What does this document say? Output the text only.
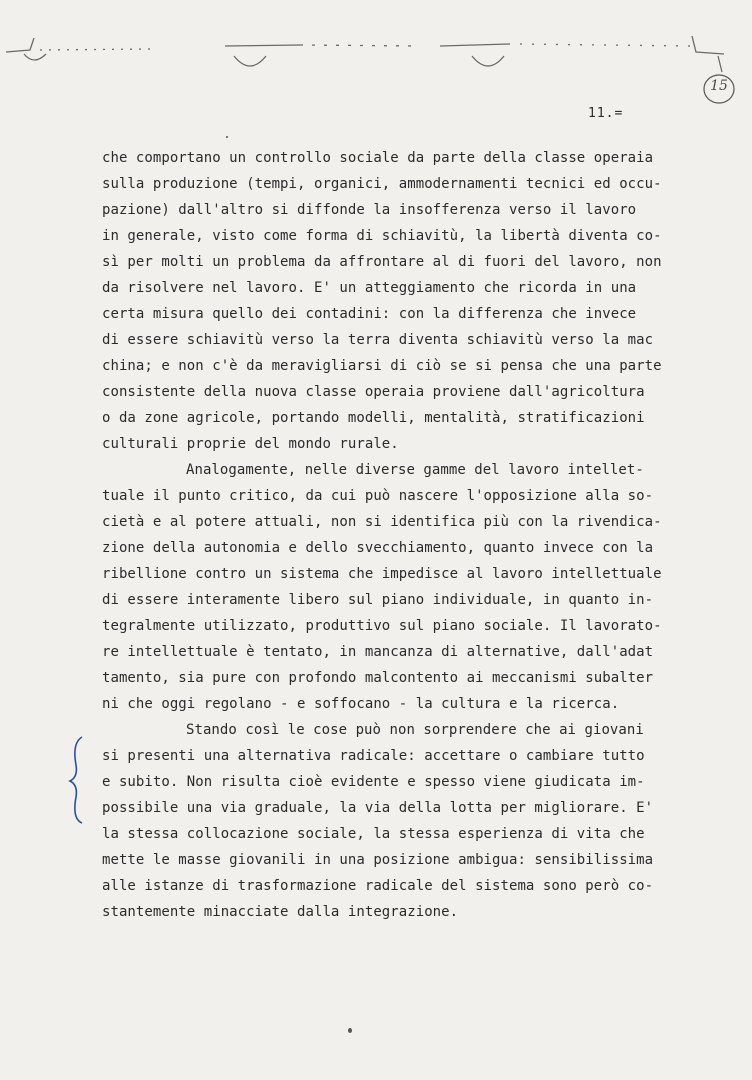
11.=
15
che comportano un controllo sociale da parte della classe operaia
sulla produzione (tempi, organici, ammodernamenti tecnici ed occu-
pazione) dall'altro si diffonde la insofferenza verso il lavoro
in generale, visto come forma di schiavitù, la libertà diventa co-
sì per molti un problema da affrontare al di fuori del lavoro, non
da risolvere nel lavoro. E' un atteggiamento che ricorda in una
certa misura quello dei contadini: con la differenza che invece
di essere schiavitù verso la terra diventa schiavitù verso la mac
china; e non c'è da meravigliarsi di ciò se si pensa che una parte
consistente della nuova classe operaia proviene dall'agricoltura
o da zone agricole, portando modelli, mentalità, stratificazioni
culturali proprie del mondo rurale.
Analogamente, nelle diverse gamme del lavoro intellet-
tuale il punto critico, da cui può nascere l'opposizione alla so-
cietà e al potere attuali, non si identifica più con la rivendica-
zione della autonomia e dello svecchiamento, quanto invece con la
ribellione contro un sistema che impedisce al lavoro intellettuale
di essere interamente libero sul piano individuale, in quanto in-
tegralmente utilizzato, produttivo sul piano sociale. Il lavorato-
re intellettuale è tentato, in mancanza di alternative, dall'adat
tamento, sia pure con profondo malcontento ai meccanismi subalter
ni che oggi regolano - e soffocano - la cultura e la ricerca.
Stando così le cose può non sorprendere che ai giovani
si presenti una alternativa radicale: accettare o cambiare tutto
e subito. Non risulta cioè evidente e spesso viene giudicata im-
possibile una via graduale, la via della lotta per migliorare. E'
la stessa collocazione sociale, la stessa esperienza di vita che
mette le masse giovanili in una posizione ambigua: sensibilissima
alle istanze di trasformazione radicale del sistema sono però co-
stantemente minacciate dalla integrazione.
